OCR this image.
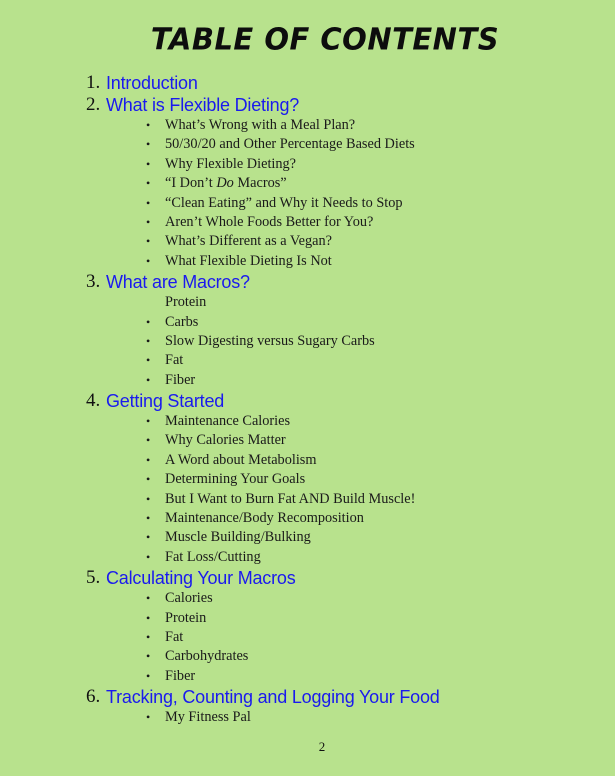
TABLE OF CONTENTS
1. Introduction
2. What is Flexible Dieting?
• What’s Wrong with a Meal Plan?
• 50/30/20 and Other Percentage Based Diets
• Why Flexible Dieting?
• “I Don’t Do Macros”
• “Clean Eating” and Why it Needs to Stop
• Aren’t Whole Foods Better for You?
• What’s Different as a Vegan?
• What Flexible Dieting Is Not
3. What are Macros?
Protein
• Carbs
• Slow Digesting versus Sugary Carbs
• Fat
• Fiber
4. Getting Started
• Maintenance Calories
• Why Calories Matter
• A Word about Metabolism
• Determining Your Goals
• But I Want to Burn Fat AND Build Muscle!
• Maintenance/Body Recomposition
• Muscle Building/Bulking
• Fat Loss/Cutting
5. Calculating Your Macros
• Calories
• Protein
• Fat
• Carbohydrates
• Fiber
6. Tracking, Counting and Logging Your Food
• My Fitness Pal
2
